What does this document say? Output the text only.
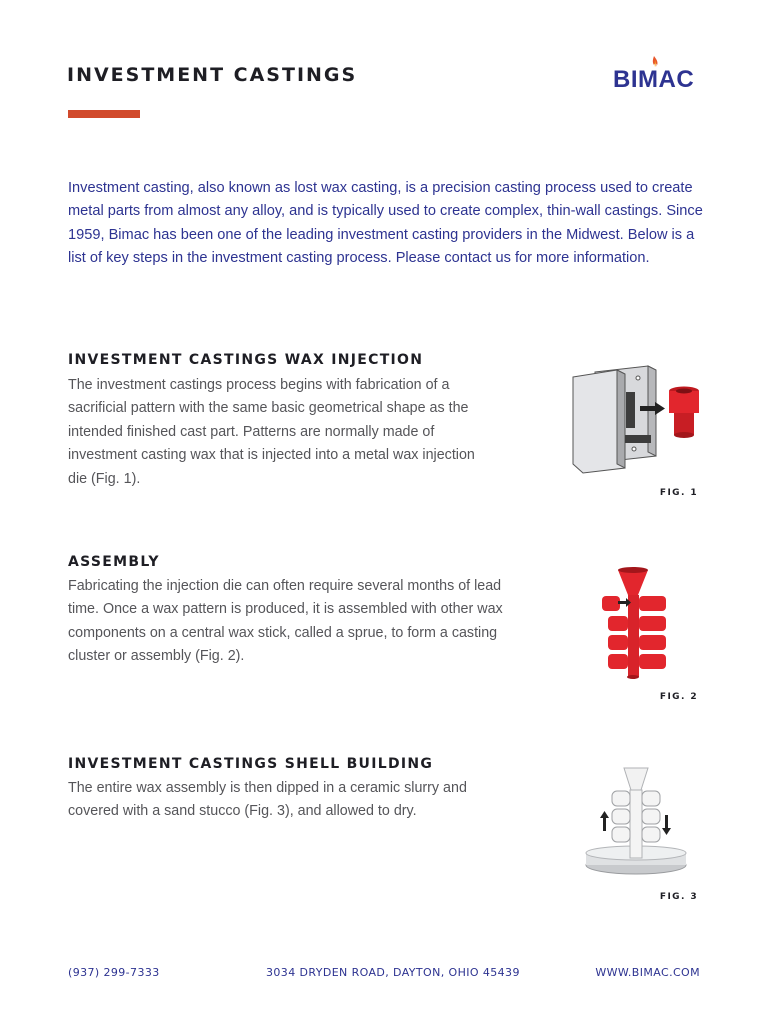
INVESTMENT CASTINGS	BIMAC

Investment casting, also known as lost wax casting, is a precision casting process used to create metal parts from almost any alloy, and is typically used to create complex, thin-wall castings. Since 1959, Bimac has been one of the leading investment casting providers in the Midwest. Below is a list of key steps in the investment casting process. Please contact us for more information.

INVESTMENT CASTINGS WAX INJECTION

The investment castings process begins with fabrication of a sacrificial pattern with the same basic geometrical shape as the intended finished cast part. Patterns are normally made of investment casting wax that is injected into a metal wax injection die (Fig. 1).

FIG. 1
ASSEMBLY

Fabricating the injection die can often require several months of lead time. Once a wax pattern is produced, it is assembled with other wax components on a central wax stick, called a sprue, to form a casting cluster or assembly (Fig. 2).

FIG. 2
INVESTMENT CASTINGS SHELL BUILDING

The entire wax assembly is then dipped in a ceramic slurry and covered with a sand stucco (Fig. 3), and allowed to dry.

FIG. 3
(937) 299-7333	3034 DRYDEN ROAD, DAYTON, OHIO 45439	WWW.BIMAC.COM
